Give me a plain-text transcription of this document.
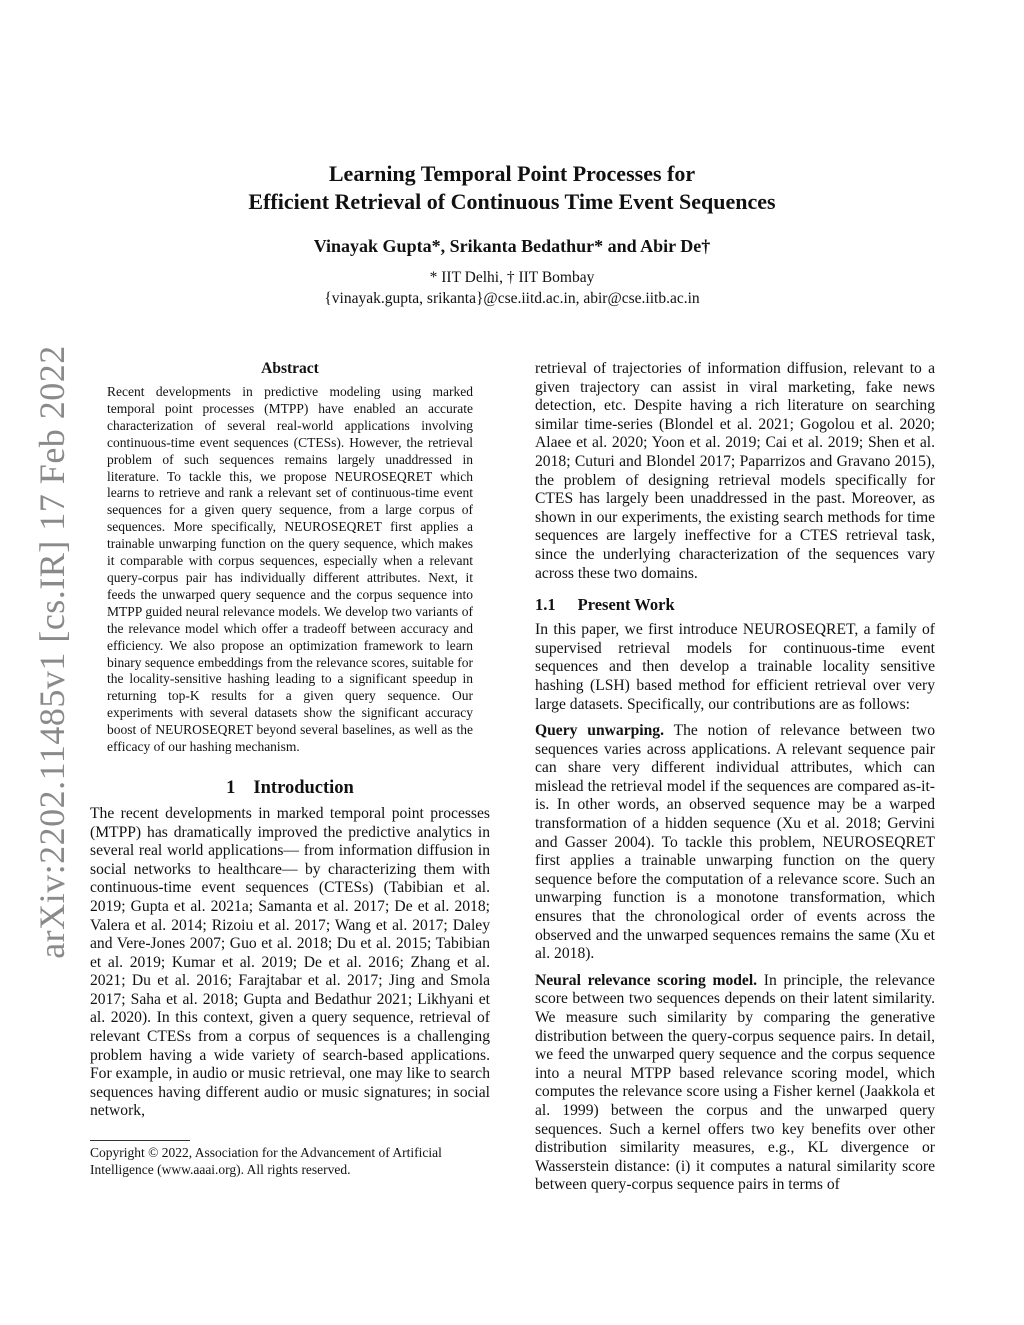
Learning Temporal Point Processes for
Efficient Retrieval of Continuous Time Event Sequences
Vinayak Gupta*, Srikanta Bedathur* and Abir De†
* IIT Delhi, † IIT Bombay
{vinayak.gupta, srikanta}@cse.iitd.ac.in, abir@cse.iitb.ac.in
arXiv:2202.11485v1 [cs.IR] 17 Feb 2022	Abstract

Recent developments in predictive modeling using marked temporal point processes (MTPP) have enabled an accurate characterization of several real-world applications involving continuous-time event sequences (CTESs). However, the retrieval problem of such sequences remains largely unaddressed in literature. To tackle this, we propose NEUROSEQRET which learns to retrieve and rank a relevant set of continuous-time event sequences for a given query sequence, from a large corpus of sequences. More specifically, NEUROSEQRET first applies a trainable unwarping function on the query sequence, which makes it comparable with corpus sequences, especially when a relevant query-corpus pair has individually different attributes. Next, it feeds the unwarped query sequence and the corpus sequence into MTPP guided neural relevance models. We develop two variants of the relevance model which offer a tradeoff between accuracy and efficiency. We also propose an optimization framework to learn binary sequence embeddings from the relevance scores, suitable for the locality-sensitive hashing leading to a significant speedup in returning top-K results for a given query sequence. Our experiments with several datasets show the significant accuracy boost of NEUROSEQRET beyond several baselines, as well as the efficacy of our hashing mechanism.

1 Introduction

The recent developments in marked temporal point processes (MTPP) has dramatically improved the predictive analytics in several real world applications— from information diffusion in social networks to healthcare— by characterizing them with continuous-time event sequences (CTESs) (Tabibian et al. 2019; Gupta et al. 2021a; Samanta et al. 2017; De et al. 2018; Valera et al. 2014; Rizoiu et al. 2017; Wang et al. 2017; Daley and Vere-Jones 2007; Guo et al. 2018; Du et al. 2015; Tabibian et al. 2019; Kumar et al. 2019; De et al. 2016; Zhang et al. 2021; Du et al. 2016; Farajtabar et al. 2017; Jing and Smola 2017; Saha et al. 2018; Gupta and Bedathur 2021; Likhyani et al. 2020). In this context, given a query sequence, retrieval of relevant CTESs from a corpus of sequences is a challenging problem having a wide variety of search-based applications. For example, in audio or music retrieval, one may like to search sequences having different audio or music signatures; in social network,

Copyright © 2022, Association for the Advancement of Artificial Intelligence (www.aaai.org). All rights reserved.

retrieval of trajectories of information diffusion, relevant to a given trajectory can assist in viral marketing, fake news detection, etc. Despite having a rich literature on searching similar time-series (Blondel et al. 2021; Gogolou et al. 2020; Alaee et al. 2020; Yoon et al. 2019; Cai et al. 2019; Shen et al. 2018; Cuturi and Blondel 2017; Paparrizos and Gravano 2015), the problem of designing retrieval models specifically for CTES has largely been unaddressed in the past. Moreover, as shown in our experiments, the existing search methods for time sequences are largely ineffective for a CTES retrieval task, since the underlying characterization of the sequences vary across these two domains.

1.1 Present Work

In this paper, we first introduce NEUROSEQRET, a family of supervised retrieval models for continuous-time event sequences and then develop a trainable locality sensitive hashing (LSH) based method for efficient retrieval over very large datasets. Specifically, our contributions are as follows:

Query unwarping. The notion of relevance between two sequences varies across applications. A relevant sequence pair can share very different individual attributes, which can mislead the retrieval model if the sequences are compared as-it-is. In other words, an observed sequence may be a warped transformation of a hidden sequence (Xu et al. 2018; Gervini and Gasser 2004). To tackle this problem, NEUROSEQRET first applies a trainable unwarping function on the query sequence before the computation of a relevance score. Such an unwarping function is a monotone transformation, which ensures that the chronological order of events across the observed and the unwarped sequences remains the same (Xu et al. 2018).

Neural relevance scoring model. In principle, the relevance score between two sequences depends on their latent similarity. We measure such similarity by comparing the generative distribution between the query-corpus sequence pairs. In detail, we feed the unwarped query sequence and the corpus sequence into a neural MTPP based relevance scoring model, which computes the relevance score using a Fisher kernel (Jaakkola et al. 1999) between the corpus and the unwarped query sequences. Such a kernel offers two key benefits over other distribution similarity measures, e.g., KL divergence or Wasserstein distance: (i) it computes a natural similarity score between query-corpus sequence pairs in terms of
